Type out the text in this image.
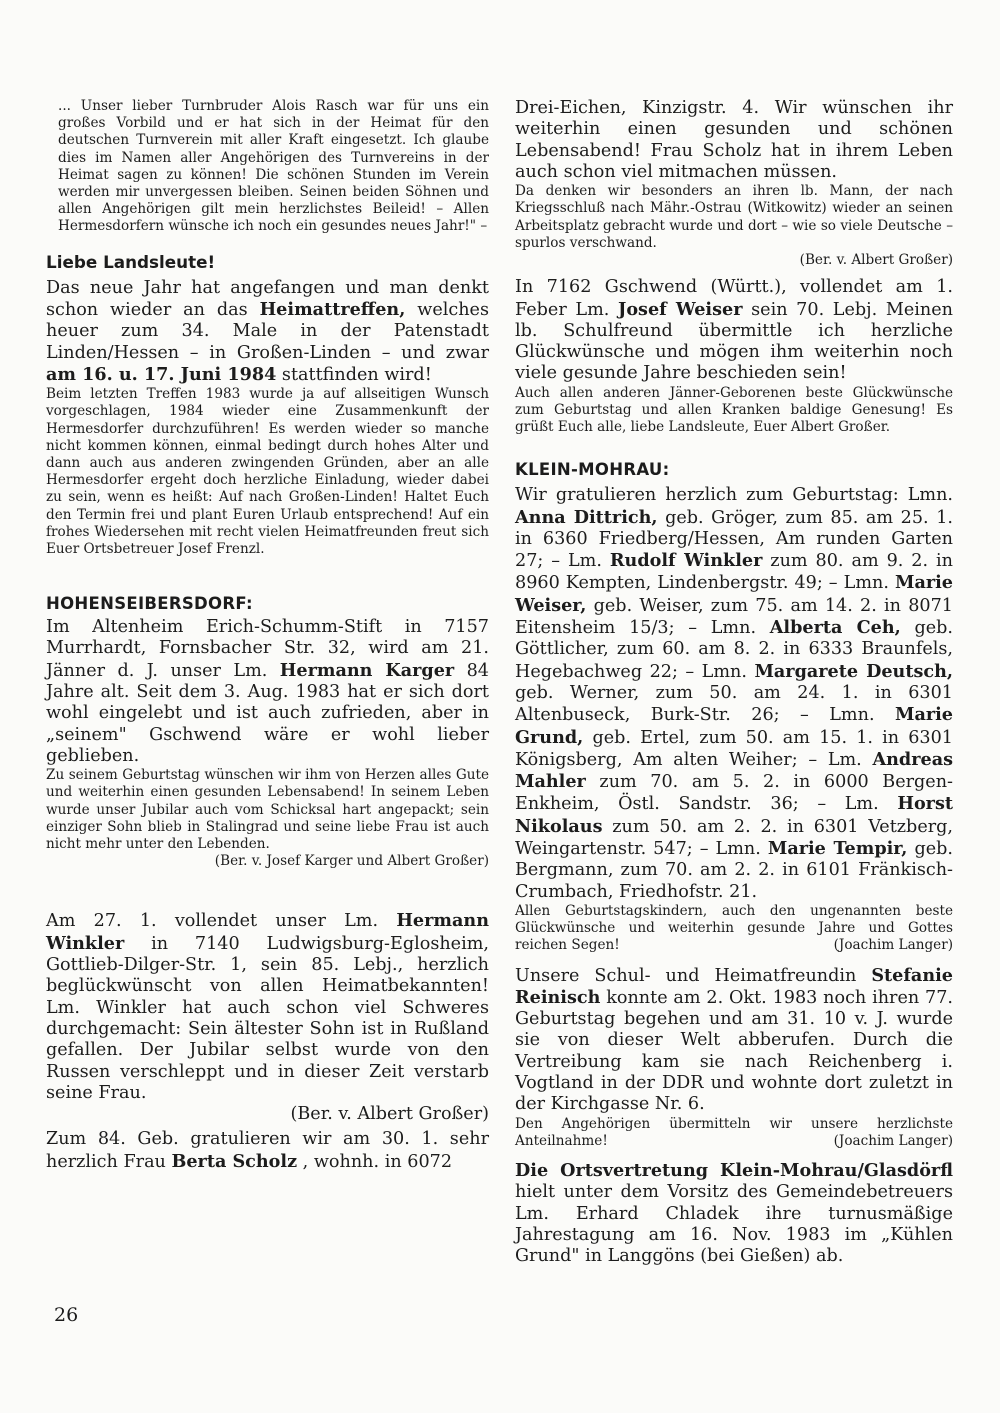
... Unser lieber Turnbruder Alois Rasch war für uns ein großes Vorbild und er hat sich in der Heimat für den deutschen Turnverein mit aller Kraft eingesetzt. Ich glaube dies im Namen aller Angehörigen des Turnvereins in der Heimat sagen zu können! Die schönen Stunden im Verein werden mir unvergessen bleiben. Seinen beiden Söhnen und allen Angehörigen gilt mein herzlichstes Beileid! – Allen Hermesdorfern wünsche ich noch ein gesundes neues Jahr!" –

Liebe Landsleute!

Das neue Jahr hat angefangen und man denkt schon wieder an das Heimattreffen, welches heuer zum 34. Male in der Patenstadt Linden/Hessen – in Großen-Linden – und zwar am 16. u. 17. Juni 1984 stattfinden wird!

Beim letzten Treffen 1983 wurde ja auf allseitigen Wunsch vorgeschlagen, 1984 wieder eine Zusammenkunft der Hermesdorfer durchzuführen! Es werden wieder so manche nicht kommen können, einmal bedingt durch hohes Alter und dann auch aus anderen zwingenden Gründen, aber an alle Hermesdorfer ergeht doch herzliche Einladung, wieder dabei zu sein, wenn es heißt: Auf nach Großen-Linden! Haltet Euch den Termin frei und plant Euren Urlaub entsprechend! Auf ein frohes Wiedersehen mit recht vielen Heimatfreunden freut sich Euer Ortsbetreuer Josef Frenzl.

HOHENSEIBERSDORF:

Im Altenheim Erich-Schumm-Stift in 7157 Murrhardt, Fornsbacher Str. 32, wird am 21. Jänner d. J. unser Lm. Hermann Karger 84 Jahre alt. Seit dem 3. Aug. 1983 hat er sich dort wohl eingelebt und ist auch zufrieden, aber in „seinem" Gschwend wäre er wohl lieber geblieben.

Zu seinem Geburtstag wünschen wir ihm von Herzen alles Gute und weiterhin einen gesunden Lebensabend! In seinem Leben wurde unser Jubilar auch vom Schicksal hart angepackt; sein einziger Sohn blieb in Stalingrad und seine liebe Frau ist auch nicht mehr unter den Lebenden.

(Ber. v. Josef Karger und Albert Großer)

Am 27. 1. vollendet unser Lm. Hermann Winkler in 7140 Ludwigsburg-Eglosheim, Gottlieb-Dilger-Str. 1, sein 85. Lebj., herzlich beglückwünscht von allen Heimatbekannten! Lm. Winkler hat auch schon viel Schweres durchgemacht: Sein ältester Sohn ist in Rußland gefallen. Der Jubilar selbst wurde von den Russen verschleppt und in dieser Zeit verstarb seine Frau.

(Ber. v. Albert Großer)

Zum 84. Geb. gratulieren wir am 30. 1. sehr herzlich Frau Berta Scholz , wohnh. in 6072

Drei-Eichen, Kinzigstr. 4. Wir wünschen ihr weiterhin einen gesunden und schönen Lebensabend! Frau Scholz hat in ihrem Leben auch schon viel mitmachen müssen.

Da denken wir besonders an ihren lb. Mann, der nach Kriegsschluß nach Mähr.-Ostrau (Witkowitz) wieder an seinen Arbeitsplatz gebracht wurde und dort – wie so viele Deutsche – spurlos verschwand.

(Ber. v. Albert Großer)

In 7162 Gschwend (Württ.), vollendet am 1. Feber Lm. Josef Weiser sein 70. Lebj. Meinen lb. Schulfreund übermittle ich herzliche Glückwünsche und mögen ihm weiterhin noch viele gesunde Jahre beschieden sein!

Auch allen anderen Jänner-Geborenen beste Glückwünsche zum Geburtstag und allen Kranken baldige Genesung! Es grüßt Euch alle, liebe Landsleute, Euer Albert Großer.

KLEIN-MOHRAU:

Wir gratulieren herzlich zum Geburtstag: Lmn. Anna Dittrich, geb. Gröger, zum 85. am 25. 1. in 6360 Friedberg/Hessen, Am runden Garten 27; – Lm. Rudolf Winkler zum 80. am 9. 2. in 8960 Kempten, Lindenbergstr. 49; – Lmn. Marie Weiser, geb. Weiser, zum 75. am 14. 2. in 8071 Eitensheim 15/3; – Lmn. Alberta Ceh, geb. Göttlicher, zum 60. am 8. 2. in 6333 Braunfels, Hegebachweg 22; – Lmn. Margarete Deutsch, geb. Werner, zum 50. am 24. 1. in 6301 Altenbuseck, Burk-Str. 26; – Lmn. Marie Grund, geb. Ertel, zum 50. am 15. 1. in 6301 Königsberg, Am alten Weiher; – Lm. Andreas Mahler zum 70. am 5. 2. in 6000 Bergen-Enkheim, Östl. Sandstr. 36; – Lm. Horst Nikolaus zum 50. am 2. 2. in 6301 Vetzberg, Weingartenstr. 547; – Lmn. Marie Tempir, geb. Bergmann, zum 70. am 2. 2. in 6101 Fränkisch-Crumbach, Friedhofstr. 21.

Allen Geburtstagskindern, auch den ungenannten beste Glückwünsche und weiterhin gesunde Jahre und Gottes reichen Segen!	(Joachim Langer)

Unsere Schul- und Heimatfreundin Stefanie Reinisch konnte am 2. Okt. 1983 noch ihren 77. Geburtstag begehen und am 31. 10 v. J. wurde sie von dieser Welt abberufen. Durch die Vertreibung kam sie nach Reichenberg i. Vogtland in der DDR und wohnte dort zuletzt in der Kirchgasse Nr. 6.

Den Angehörigen übermitteln wir unsere herzlichste Anteilnahme!	(Joachim Langer)

Die Ortsvertretung Klein-Mohrau/Glasdörfl hielt unter dem Vorsitz des Gemeindebetreuers Lm. Erhard Chladek ihre turnusmäßige Jahrestagung am 16. Nov. 1983 im „Kühlen Grund" in Langgöns (bei Gießen) ab.

26
